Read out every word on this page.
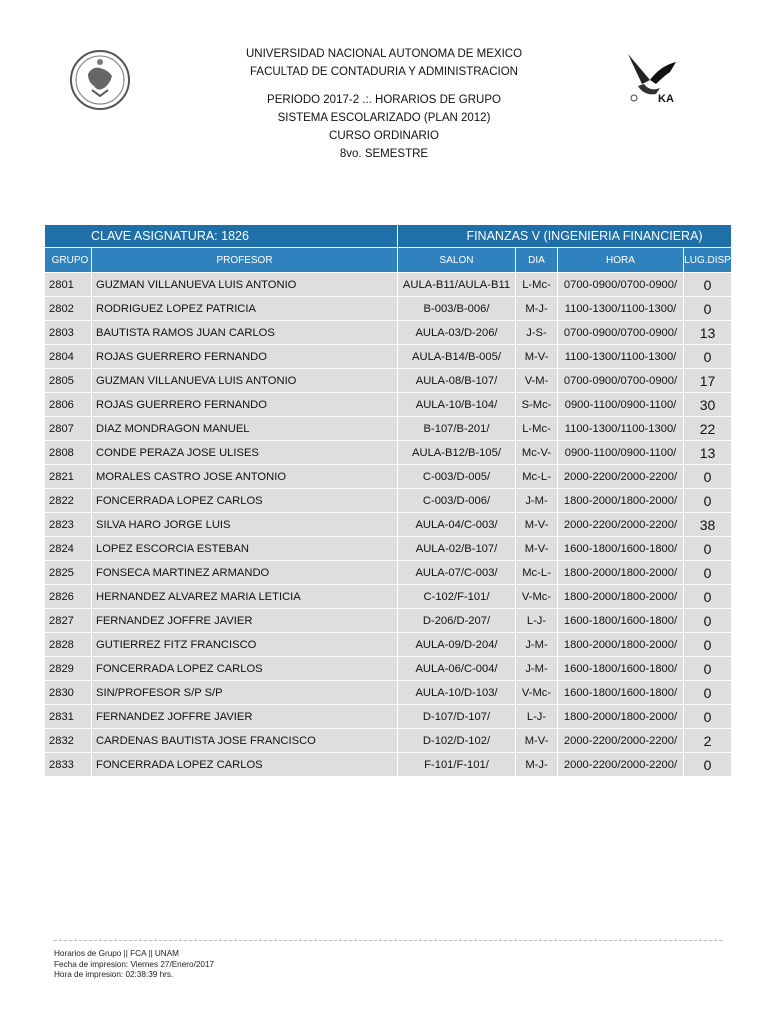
KA
UNIVERSIDAD NACIONAL AUTONOMA DE MEXICO
FACULTAD DE CONTADURIA Y ADMINISTRACION
PERIODO 2017-2 .:. HORARIOS DE GRUPO
SISTEMA ESCOLARIZADO (PLAN 2012)
CURSO ORDINARIO
8vo. SEMESTRE
CLAVE ASIGNATURA: 1826		FINANZAS V (INGENIERIA FINANCIERA)			
GRUPO	PROFESOR	SALON	DIA	HORA	LUG.DISP
2801	GUZMAN VILLANUEVA LUIS ANTONIO	AULA-B11/AULA-B11	L-Mc-	0700-0900/0700-0900/	0
2802	RODRIGUEZ LOPEZ PATRICIA	B-003/B-006/	M-J-	1100-1300/1100-1300/	0
2803	BAUTISTA RAMOS JUAN CARLOS	AULA-03/D-206/	J-S-	0700-0900/0700-0900/	13
2804	ROJAS GUERRERO FERNANDO	AULA-B14/B-005/	M-V-	1100-1300/1100-1300/	0
2805	GUZMAN VILLANUEVA LUIS ANTONIO	AULA-08/B-107/	V-M-	0700-0900/0700-0900/	17
2806	ROJAS GUERRERO FERNANDO	AULA-10/B-104/	S-Mc-	0900-1100/0900-1100/	30
2807	DIAZ MONDRAGON MANUEL	B-107/B-201/	L-Mc-	1100-1300/1100-1300/	22
2808	CONDE PERAZA JOSE ULISES	AULA-B12/B-105/	Mc-V-	0900-1100/0900-1100/	13
2821	MORALES CASTRO JOSE ANTONIO	C-003/D-005/	Mc-L-	2000-2200/2000-2200/	0
2822	FONCERRADA LOPEZ CARLOS	C-003/D-006/	J-M-	1800-2000/1800-2000/	0
2823	SILVA HARO JORGE LUIS	AULA-04/C-003/	M-V-	2000-2200/2000-2200/	38
2824	LOPEZ ESCORCIA ESTEBAN	AULA-02/B-107/	M-V-	1600-1800/1600-1800/	0
2825	FONSECA MARTINEZ ARMANDO	AULA-07/C-003/	Mc-L-	1800-2000/1800-2000/	0
2826	HERNANDEZ ALVAREZ MARIA LETICIA	C-102/F-101/	V-Mc-	1800-2000/1800-2000/	0
2827	FERNANDEZ JOFFRE JAVIER	D-206/D-207/	L-J-	1600-1800/1600-1800/	0
2828	GUTIERREZ FITZ FRANCISCO	AULA-09/D-204/	J-M-	1800-2000/1800-2000/	0
2829	FONCERRADA LOPEZ CARLOS	AULA-06/C-004/	J-M-	1600-1800/1600-1800/	0
2830	SIN/PROFESOR S/P S/P	AULA-10/D-103/	V-Mc-	1600-1800/1600-1800/	0
2831	FERNANDEZ JOFFRE JAVIER	D-107/D-107/	L-J-	1800-2000/1800-2000/	0
2832	CARDENAS BAUTISTA JOSE FRANCISCO	D-102/D-102/	M-V-	2000-2200/2000-2200/	2
2833	FONCERRADA LOPEZ CARLOS	F-101/F-101/	M-J-	2000-2200/2000-2200/	0
Horarios de Grupo || FCA || UNAM
Fecha de impresion: Viernes 27/Enero/2017
Hora de impresion: 02:38:39 hrs.
